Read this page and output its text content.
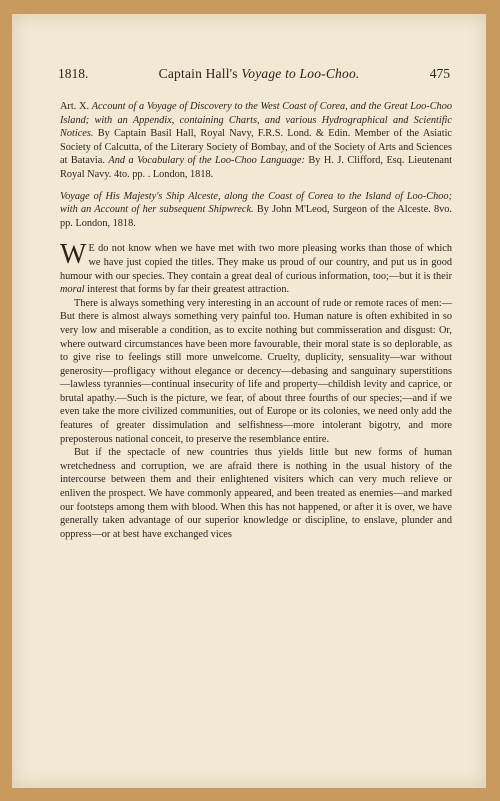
1818.	Captain Hall's Voyage to Loo-Choo.	475

Art. X. Account of a Voyage of Discovery to the West Coast of Corea, and the Great Loo-Choo Island; with an Appendix, containing Charts, and various Hydrographical and Scientific Notices. By Captain Basil Hall, Royal Navy, F.R.S. Lond. & Edin. Member of the Asiatic Society of Calcutta, of the Literary Society of Bombay, and of the Society of Arts and Sciences at Batavia. And a Vocabulary of the Loo-Choo Language: By H. J. Clifford, Esq. Lieutenant Royal Navy. 4to. pp. . London, 1818.

Voyage of His Majesty's Ship Alceste, along the Coast of Corea to the Island of Loo-Choo; with an Account of her subsequent Shipwreck. By John M'Leod, Surgeon of the Alceste. 8vo. pp. London, 1818.

W E do not know when we have met with two more pleasing works than those of which we have just copied the titles. They make us proud of our country, and put us in good humour with our species. They contain a great deal of curious information, too;—but it is their moral interest that forms by far their greatest attraction.

There is always something very interesting in an account of rude or remote races of men:—But there is almost always something very painful too. Human nature is often exhibited in so very low and miserable a condition, as to excite nothing but commisseration and disgust: Or, where outward circumstances have been more favourable, their moral state is so deplorable, as to give rise to feelings still more unwelcome. Cruelty, duplicity, sensuality—war without generosity—profligacy without elegance or decency—debasing and sanguinary superstitions—lawless tyrannies—continual insecurity of life and property—childish levity and caprice, or brutal apathy.—Such is the picture, we fear, of about three fourths of our species;—and if we even take the more civilized communities, out of Europe or its colonies, we need only add the features of greater dissimulation and selfishness—more intolerant bigotry, and more preposterous national conceit, to preserve the resemblance entire.

But if the spectacle of new countries thus yields little but new forms of human wretchedness and corruption, we are afraid there is nothing in the usual history of the intercourse between them and their enlightened visiters which can very much relieve or enliven the prospect. We have commonly appeared, and been treated as enemies—and marked our footsteps among them with blood. When this has not happened, or after it is over, we have generally taken advantage of our superior knowledge or discipline, to enslave, plunder and oppress—or at best have exchanged vices
